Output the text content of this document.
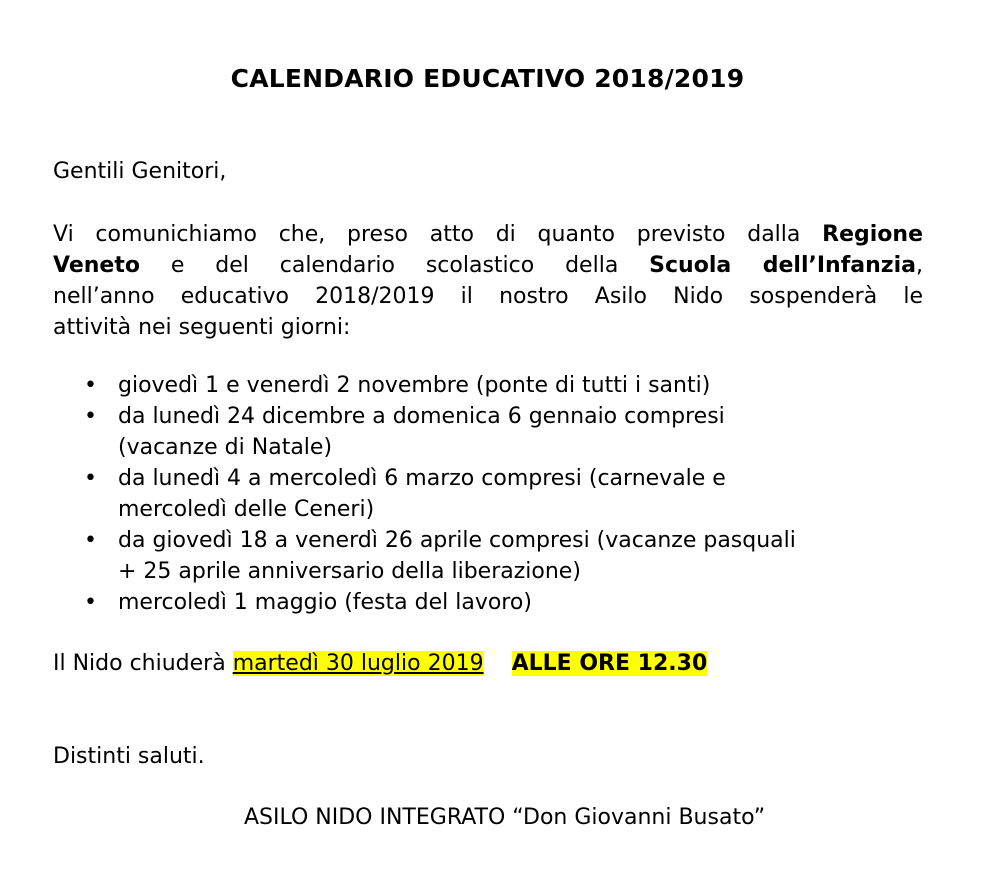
CALENDARIO EDUCATIVO 2018/2019
Gentili Genitori,
Vi comunichiamo che, preso atto di quanto previsto dalla Regione
Veneto e del calendario scolastico della Scuola dell’Infanzia,
nell’anno educativo 2018/2019 il nostro Asilo Nido sospenderà le
attività nei seguenti giorni:
• giovedì 1 e venerdì 2 novembre (ponte di tutti i santi)
• da lunedì 24 dicembre a domenica 6 gennaio compresi
(vacanze di Natale)
• da lunedì 4 a mercoledì 6 marzo compresi (carnevale e
mercoledì delle Ceneri)
• da giovedì 18 a venerdì 26 aprile compresi (vacanze pasquali
+ 25 aprile anniversario della liberazione)
• mercoledì 1 maggio (festa del lavoro)
Il Nido chiuderà martedì 30 luglio 2019 ALLE ORE 12.30
Distinti saluti.
ASILO NIDO INTEGRATO “Don Giovanni Busato”
